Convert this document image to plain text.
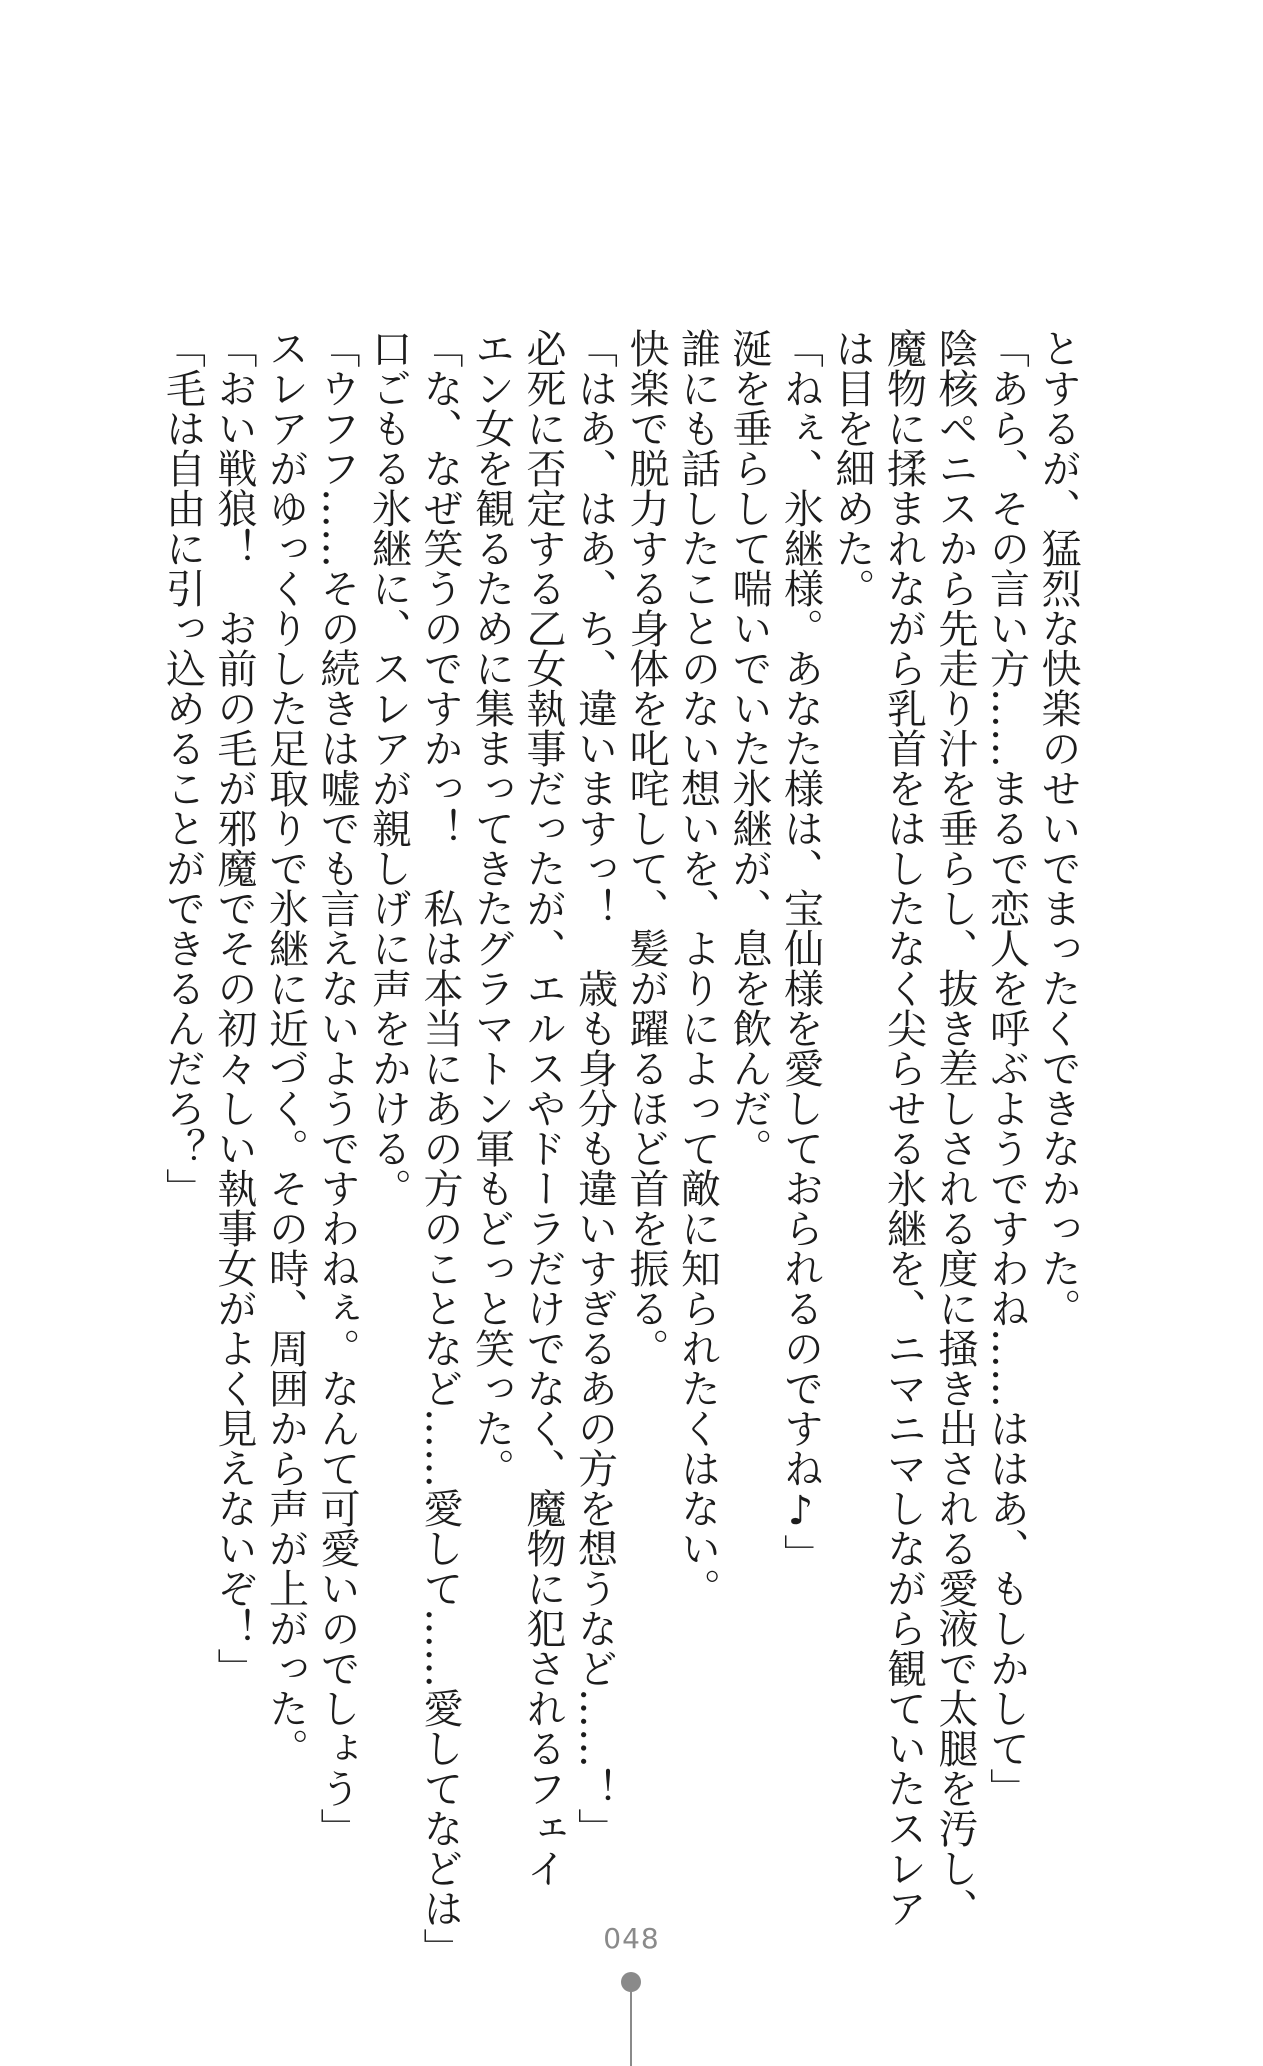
とするが、猛烈な快楽のせいでまったくできなかった。
「あら、その言い方……まるで恋人を呼ぶようですわね……ははあ、もしかして」
陰核ペニスから先走り汁を垂らし、抜き差しされる度に掻き出される愛液で太腿を汚し、
魔物に揉まれながら乳首をはしたなく尖らせる氷継を、ニマニマしながら観ていたスレア
は目を細めた。
「ねぇ、氷継様。あなた様は、宝仙様を愛しておられるのですね♪」
涎を垂らして喘いでいた氷継が、息を飲んだ。
誰にも話したことのない想いを、よりによって敵に知られたくはない。
快楽で脱力する身体を叱咤して、髪が躍るほど首を振る。
「はあ、はあ、ち、違いますっ！　歳も身分も違いすぎるあの方を想うなど……！」
必死に否定する乙女執事だったが、エルスやドーラだけでなく、魔物に犯されるフェイ
エン女を観るために集まってきたグラマトン軍もどっと笑った。
「な、なぜ笑うのですかっ！　私は本当にあの方のことなど……愛して……愛してなどは」
口ごもる氷継に、スレアが親しげに声をかける。
「ウフフ……その続きは嘘でも言えないようですわねぇ。なんて可愛いのでしょう」
スレアがゆっくりした足取りで氷継に近づく。その時、周囲から声が上がった。
「おい戦狼！　お前の毛が邪魔でその初々しい執事女がよく見えないぞ！」
「毛は自由に引っ込めることができるんだろ？」
048
